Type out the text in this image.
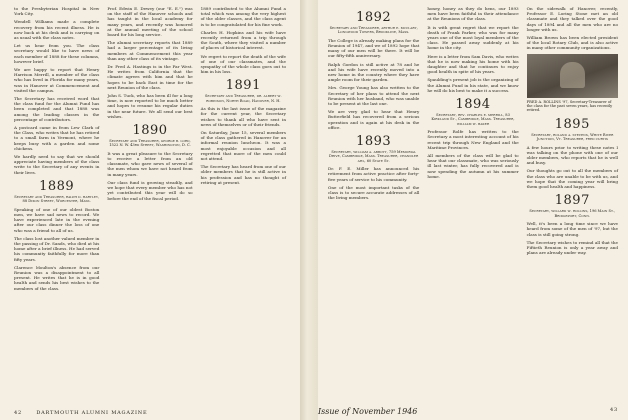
to the Presbyterian Hospital in New York City.

Wendell Williams made a complete recovery from his recent illness. He is now back at his desk and is carrying on as usual with the class notes.

Let us hear from you. The class secretary would like to have news of each member of 1888 for these columns, however brief.

We are happy to report that Henry Harrison Merrill, a member of the class who has lived in Florida for many years, was in Hanover at Commencement and visited the campus.

The Secretary has received word that the class fund for the Alumni Fund has been completed and that 1888 was among the leading classes in the percentage of contributors.

A postcard came in from Lew Clark of the Class, who writes that he has retired to a small farm in Vermont, where he keeps busy with a garden and some chickens.

We hardly need to say that we should appreciate having members of the class write to the Secretary of any events in their lives.

1889
Secretary and Treasurer, ralph d. hartley, 88 Dixon Street, Worcester, Mass.

Speaking of one of our oldest Boston men, we have sad news to record. We have experienced late in the evening after our class dinner the loss of one who was a friend to all of us.

The class lost another valued member in the passing of Dr. Sands, who died at his home after a brief illness. He had served his community faithfully for more than fifty years.

Clarence Moulton's absence from our Reunion was a disappointment to all present. He writes that he is in good health and sends his best wishes to the members of the class.

Prof. Edwin E. Dewey (our "E. E.") was on the staff of the Hanover schools and has taught in the local academy for many years, and recently was honored at the annual meeting of the school board for his long service.

The alumni secretary reports that 1889 had a larger percentage of its living members at Commencement this year than any other class of its vintage.

Dr. Fred A. Hastings is in the Far West. He writes from California that the climate agrees with him and that he hopes to be back East in time for the next Reunion of the class.

John S. Tuck, who has been ill for a long time, is now reported to be much better and hopes to resume his regular duties in the near future. We all send our best wishes.

1890
Secretary and Treasurer, george b. lord, 1522 N. W. 43rd Street, Washington, D. C.

It was a great pleasure to the Secretary to receive a letter from an old classmate, who gave news of several of the men whom we have not heard from in many years.

Our class fund is growing steadily, and we hope that every member who has not yet contributed this year will do so before the end of the fiscal period.

1889 contributed to the Alumni Fund a total which was among the very highest of the older classes, and the class agent is to be congratulated for his fine work.

Charles H. Hopkins and his wife have recently returned from a trip through the South, where they visited a number of places of historical interest.

We regret to report the death of the wife of one of our classmates, and the sympathy of the whole class goes out to him in his loss.

1891
Secretary and Treasurer, dr. albert w. robinson, North Road, Hanover, N. H.

As this is the last issue of the magazine for the current year, the Secretary wishes to thank all who have sent in news of themselves or of their friends.

On Saturday, June 15, several members of the class gathered in Hanover for an informal reunion luncheon. It was a most enjoyable occasion and all regretted that more of the men could not attend.

The Secretary has heard from one of our older members that he is still active in his profession and has no thought of retiring at present.

42	DARTMOUTH ALUMNI MAGAZINE
1892
Secretary and Treasurer, arthur e. mcclary, Longwood Towers, Brookline, Mass.

The College is already making plans for the Reunion of 1947, and we of 1892 hope that many of our men will be there. It will be our fifty-fifth anniversary.

Ralph Gordon is still active at 78 and he and his wife have recently moved into a new home in the country where they have ample room for their garden.

Mrs. George Young has also written to the Secretary of her plans to attend the next Reunion with her husband, who was unable to be present at the last one.

We are very glad to hear that Henry Butterfield has recovered from a serious operation and is again at his desk in the office.

1893
Secretary, william a. abbott, 759 Memorial Drive, Cambridge, Mass. Treasurer, chandler ahl, 60 State St.

Dr. F. E. Miller has announced his retirement from active practice after forty-five years of service to his community.

One of the most important tasks of the class is to secure accurate addresses of all the living members.

honey, honey as they do hens, our 1893 men have been faithful in their attendance at the Reunions of the class.

It is with great regret that we report the death of Frank Parker, who was for many years one of the most loyal members of the class. He passed away suddenly at his home in the city.

Here is a letter from Sam Davis, who writes that he is now making his home with his daughter and that he continues to enjoy good health in spite of his years.

Spaulding's present job is the organizing of the Alumni Fund in his state, and we know he will do his best to make it a success.

1894
Secretary, rev. charles e. merrill, 83 Kirkland St., Cambridge, Mass. Treasurer, william w. baker

Professor Rolfe has written to the Secretary a most interesting account of his recent trip through New England and the Maritime Provinces.

All members of the class will be glad to hear that our classmate, who was seriously ill last winter, has fully recovered and is now spending the autumn at his summer home.

On the sidewalk of Hanover, recently, Professor E. Loring Stone met an old classmate and they talked over the good days of 1894 and all the men who are no longer with us.

William Brown has been elected president of the local Rotary Club, and is also active in many other community organizations.

FRED A. ROLLINS '97, Secretary-Treasurer of the class for the past seven years, has recently retired.
1895
Secretary, roland a. stevens, White River Junction, Vt. Treasurer, fred curtis

A few hours prior to writing these notes I was talking on the phone with one of our older members, who reports that he is well and busy.

Our thoughts go out to all the members of the class who are unable to be with us, and we hope that the coming year will bring them good health and happiness.

1897
Secretary, willard w. rollins, 196 Main St., Bridgeport, Conn.

Well, it's been a long time since we have heard from some of the men of '97, but the class is still going strong.

The Secretary wishes to remind all that the Fiftieth Reunion is only a year away and plans are already under way.

Issue of November 1946	43
